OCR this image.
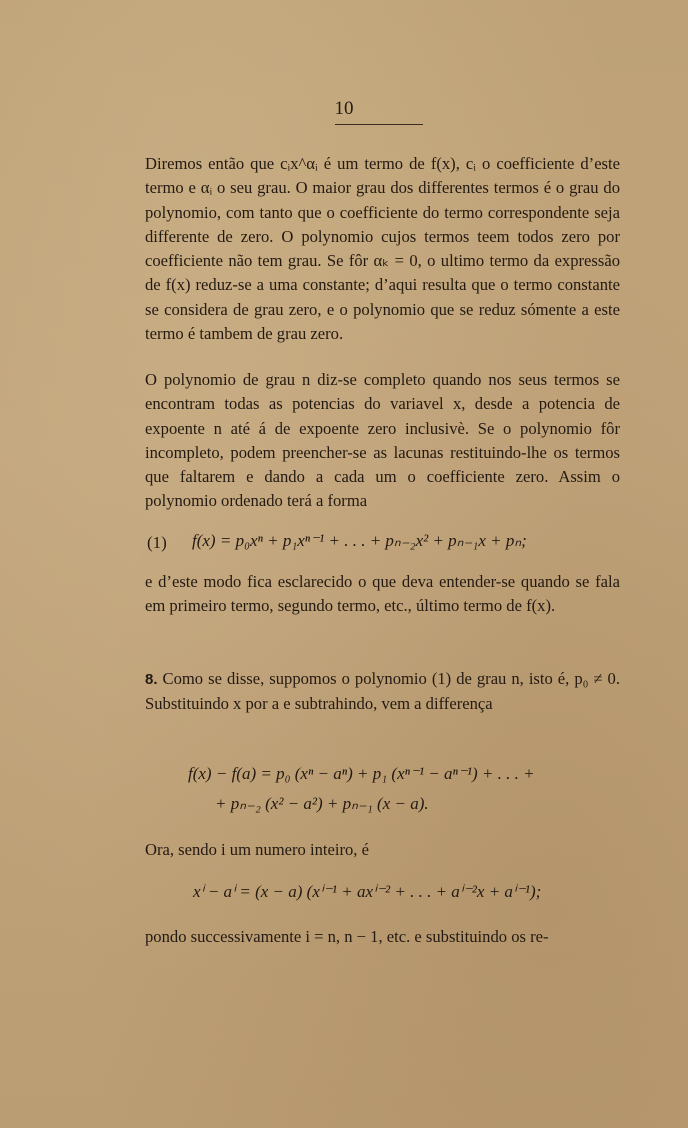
10
Diremos então que cᵢx^αᵢ é um termo de f(x), cᵢ o coefficiente d’este termo e αᵢ o seu grau. O maior grau dos differentes termos é o grau do polynomio, com tanto que o coefficiente do termo correspondente seja differente de zero. O polynomio cujos termos teem todos zero por coefficiente não tem grau. Se fôr αₖ = 0, o ultimo termo da expressão de f(x) reduz-se a uma constante; d’aqui resulta que o termo constante se considera de grau zero, e o polynomio que se reduz sómente a este termo é tambem de grau zero.
O polynomio de grau n diz-se completo quando nos seus termos se encontram todas as potencias do variavel x, desde a potencia de expoente n até á de expoente zero inclusivè. Se o polynomio fôr incompleto, podem preencher-se as lacunas restituindo-lhe os termos que faltarem e dando a cada um o coefficiente zero. Assim o polynomio ordenado terá a forma
(1) f(x) = p₀xⁿ + p₁xⁿ⁻¹ + . . . + pₙ₋₂x² + pₙ₋₁x + pₙ;
e d’este modo fica esclarecido o que deva entender-se quando se fala em primeiro termo, segundo termo, etc., último termo de f(x).
8. Como se disse, suppomos o polynomio (1) de grau n, isto é, p₀ ≠ 0. Substituindo x por a e subtrahindo, vem a differença
f(x) − f(a) = p₀ (xⁿ − aⁿ) + p₁ (xⁿ⁻¹ − aⁿ⁻¹) + . . . +
+ pₙ₋₂ (x² − a²) + pₙ₋₁ (x − a).
Ora, sendo i um numero inteiro, é
xⁱ − aⁱ = (x − a) (xⁱ⁻¹ + axⁱ⁻² + . . . + aⁱ⁻²x + aⁱ⁻¹);
pondo successivamente i = n, n − 1, etc. e substituindo os re-
